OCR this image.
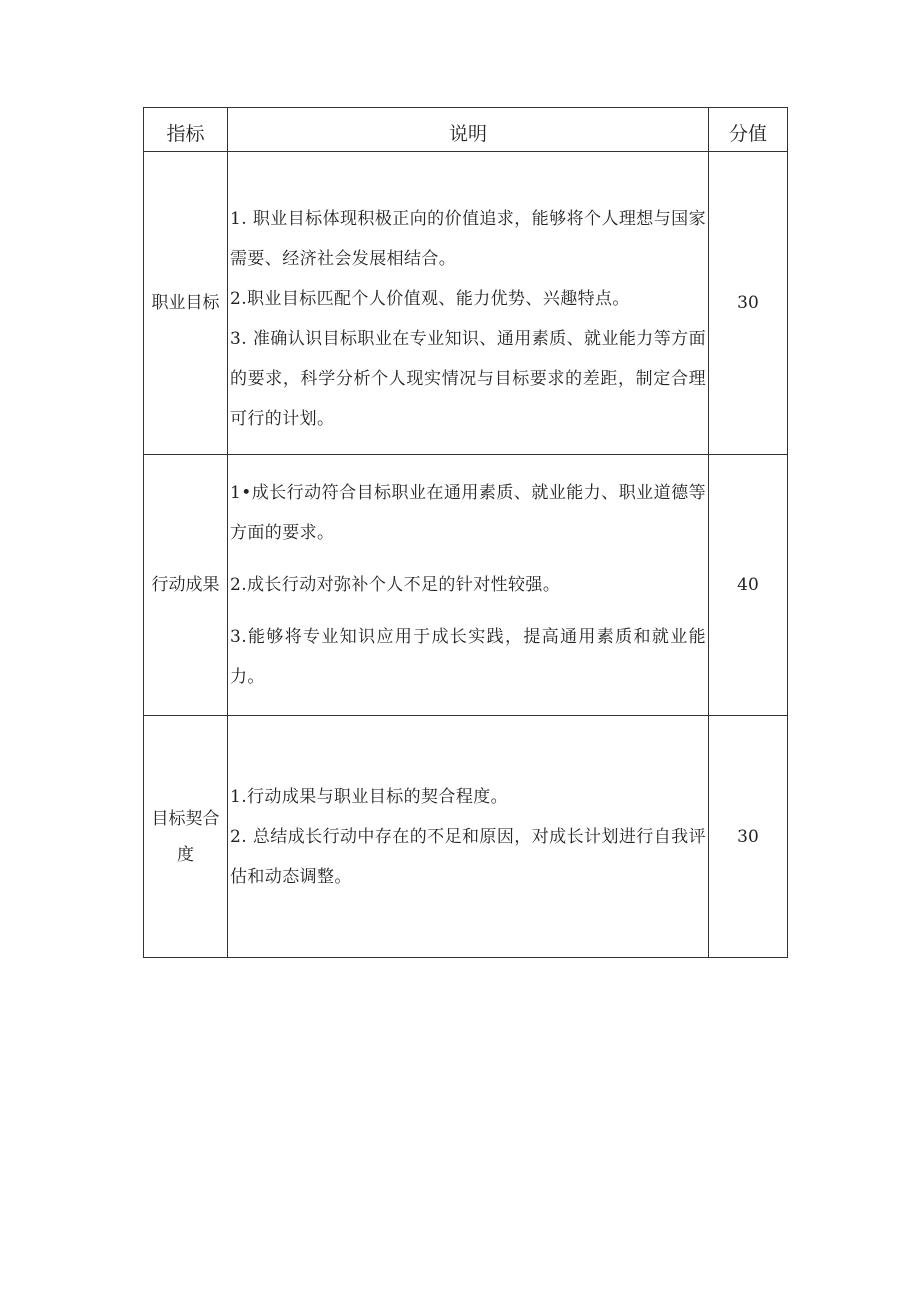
指标	说明	分值
职业目标	1. 职业目标体现积极正向的价值追求，能够将个人理想与国家需要、经济社会发展相结合。

2.职业目标匹配个人价值观、能力优势、兴趣特点。

3. 准确认识目标职业在专业知识、通用素质、就业能力等方面的要求，科学分析个人现实情况与目标要求的差距，制定合理可行的计划。	30
行动成果	1•成长行动符合目标职业在通用素质、就业能力、职业道德等方面的要求。

2.成长行动对弥补个人不足的针对性较强。

3.能够将专业知识应用于成长实践，提高通用素质和就业能力。	40
目标契合度	1.行动成果与职业目标的契合程度。

2. 总结成长行动中存在的不足和原因，对成长计划进行自我评估和动态调整。	30
